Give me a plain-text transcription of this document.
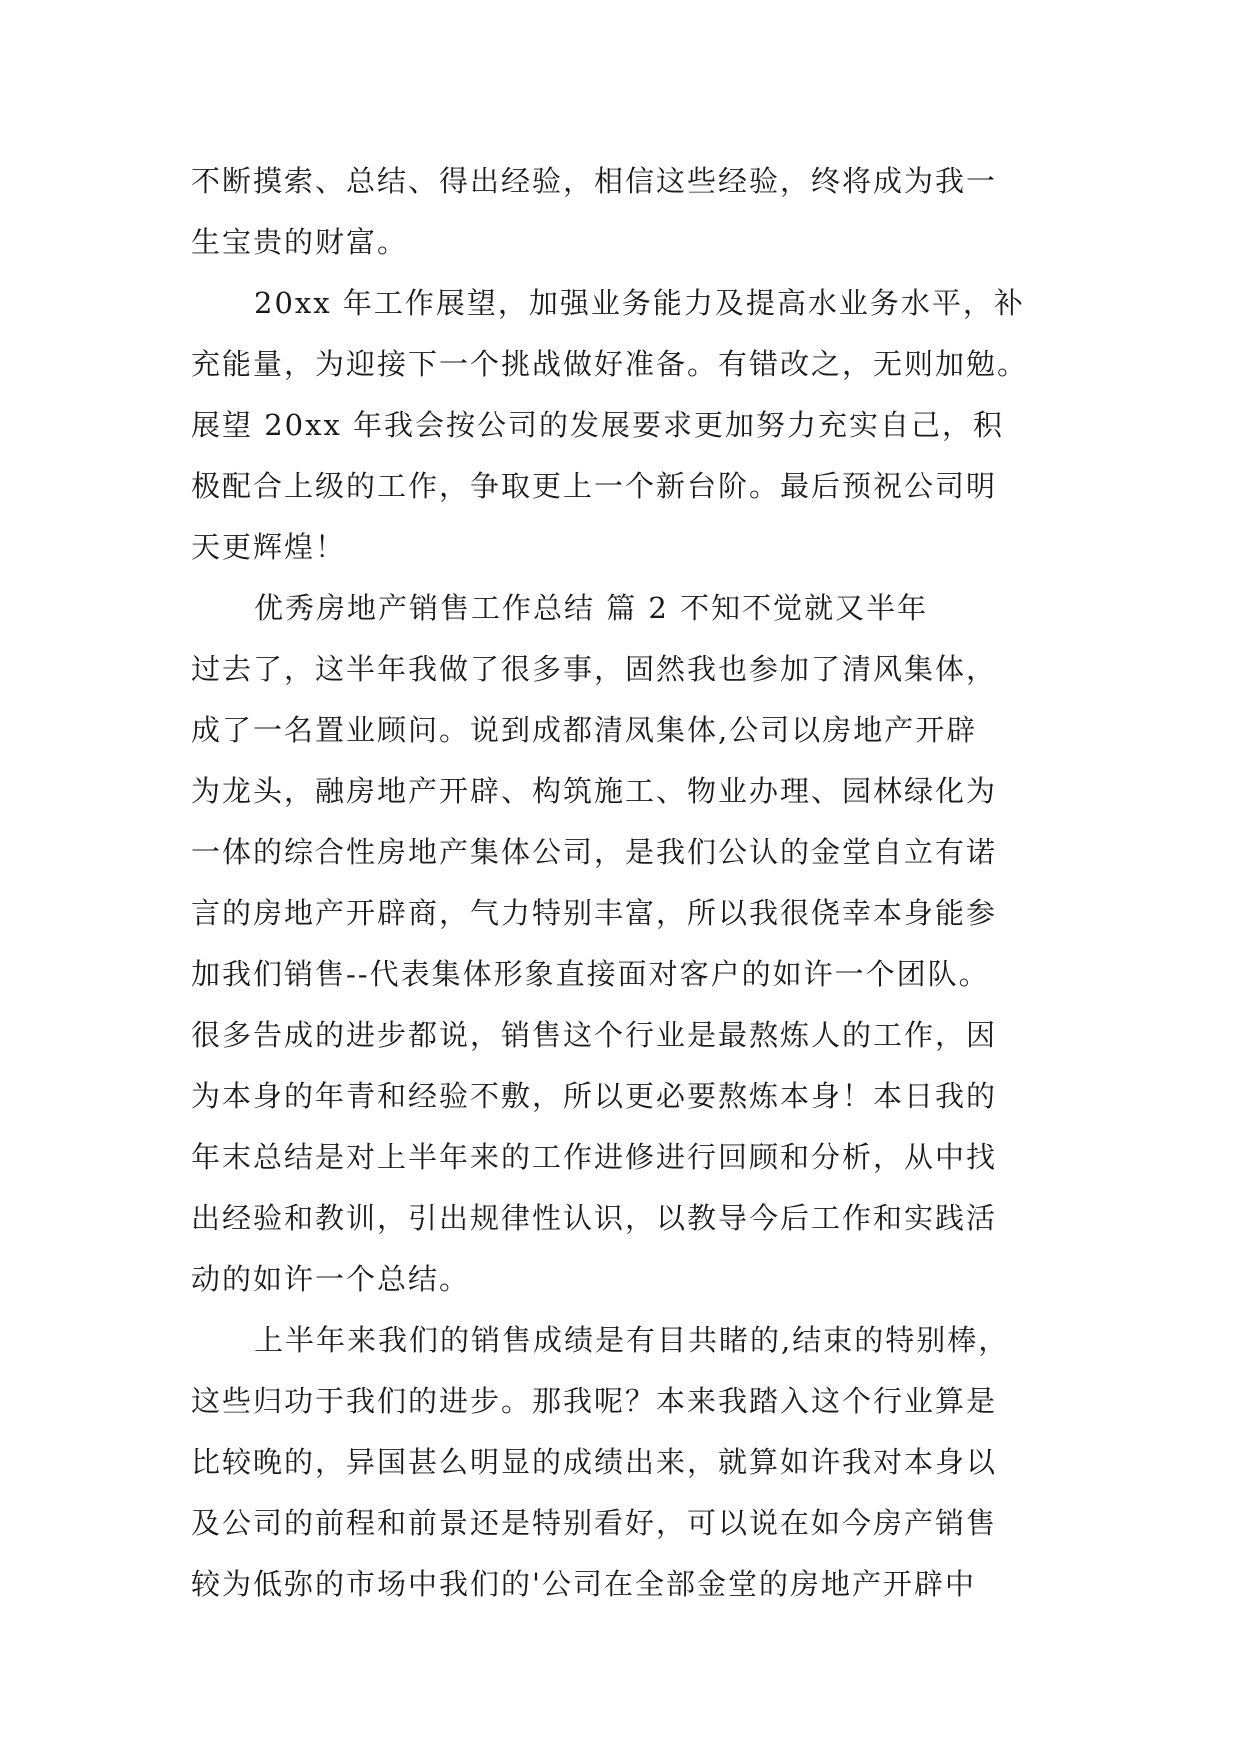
不断摸索、总结、得出经验，相信这些经验，终将成为我一
生宝贵的财富。
20xx 年工作展望，加强业务能力及提高水业务水平，补
充能量，为迎接下一个挑战做好准备。有错改之，无则加勉。
展望 20xx 年我会按公司的发展要求更加努力充实自己，积
极配合上级的工作，争取更上一个新台阶。最后预祝公司明
天更辉煌！
优秀房地产销售工作总结 篇 2 不知不觉就又半年
过去了，这半年我做了很多事，固然我也参加了清风集体，
成了一名置业顾问。说到成都清凤集体,公司以房地产开辟
为龙头，融房地产开辟、构筑施工、物业办理、园林绿化为
一体的综合性房地产集体公司，是我们公认的金堂自立有诺
言的房地产开辟商，气力特别丰富，所以我很侥幸本身能参
加我们销售--代表集体形象直接面对客户的如许一个团队。
很多告成的进步都说，销售这个行业是最熬炼人的工作，因
为本身的年青和经验不敷，所以更必要熬炼本身！本日我的
年末总结是对上半年来的工作进修进行回顾和分析，从中找
出经验和教训，引出规律性认识，以教导今后工作和实践活
动的如许一个总结。
上半年来我们的销售成绩是有目共睹的,结束的特别棒，
这些归功于我们的进步。那我呢？本来我踏入这个行业算是
比较晚的，异国甚么明显的成绩出来，就算如许我对本身以
及公司的前程和前景还是特别看好，可以说在如今房产销售
较为低弥的市场中我们的'公司在全部金堂的房地产开辟中
